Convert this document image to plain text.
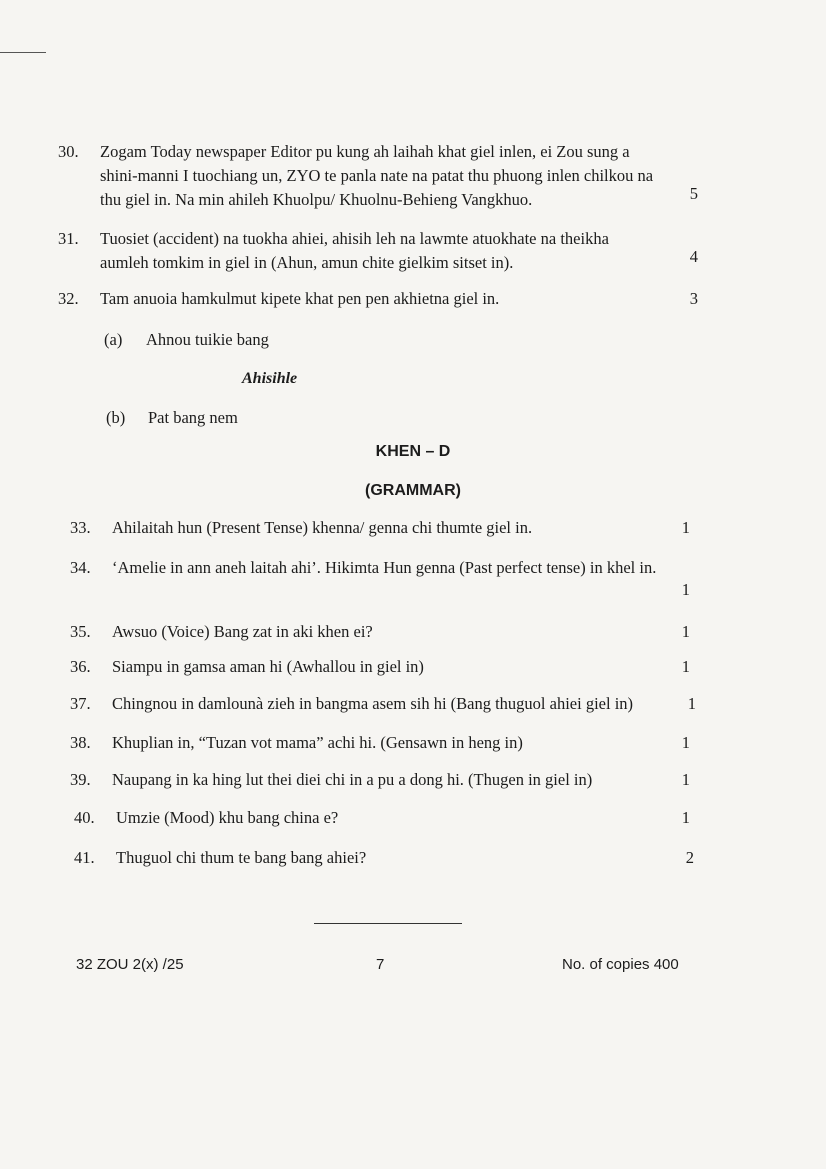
30.	Zogam Today newspaper Editor pu kung ah laihah khat giel inlen, ei Zou sung a shini-manni I tuochiang un, ZYO te panla nate na patat thu phuong inlen chilkou na thu giel in. Na min ahileh Khuolpu/ Khuolnu-Behieng Vangkhuo.	5
31.	Tuosiet (accident) na tuokha ahiei, ahisih leh na lawmte atuokhate na theikha aumleh tomkim in giel in (Ahun, amun chite gielkim sitset in).	4
32.	Tam anuoia hamkulmut kipete khat pen pen akhietna giel in.	3
(a) Ahnou tuikie bang
Ahisihle
(b) Pat bang nem
KHEN – D
(GRAMMAR)
33.	Ahilaitah hun (Present Tense) khenna/ genna chi thumte giel in.	1
34.	‘Amelie in ann aneh laitah ahi’. Hikimta Hun genna (Past perfect tense) in khel in.
1
35.	Awsuo (Voice) Bang zat in aki khen ei?	1
36.	Siampu in gamsa aman hi (Awhallou in giel in)	1
37.	Chingnou in damlounà zieh in bangma asem sih hi (Bang thuguol ahiei giel in)	1
38.	Khuplian in, “Tuzan vot mama” achi hi. (Gensawn in heng in)	1
39.	Naupang in ka hing lut thei diei chi in a pu a dong hi. (Thugen in giel in)	1
40.	Umzie (Mood) khu bang china e?	1
41.	Thuguol chi thum te bang bang ahiei?	2
32 ZOU 2(x) /25	7	No. of copies 400
